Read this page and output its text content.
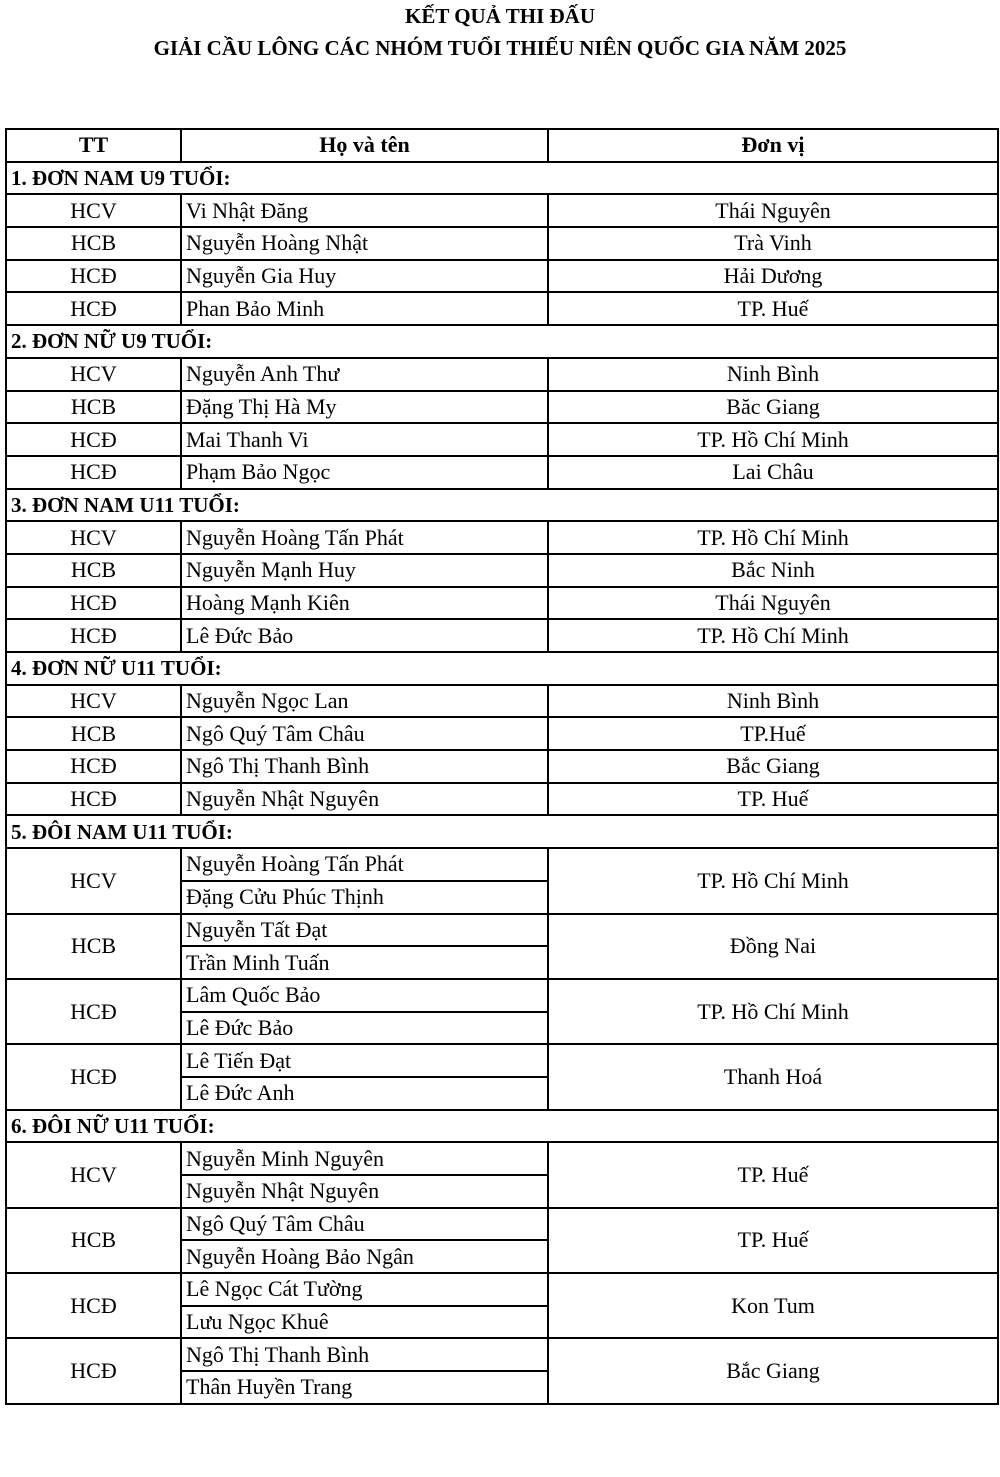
KẾT QUẢ THI ĐẤU
GIẢI CẦU LÔNG CÁC NHÓM TUỔI THIẾU NIÊN QUỐC GIA NĂM 2025
TT	Họ và tên	Đơn vị
1. ĐƠN NAM U9 TUỔI:		
HCV	Vi Nhật Đăng	Thái Nguyên
HCB	Nguyễn Hoàng Nhật	Trà Vinh
HCĐ	Nguyễn Gia Huy	Hải Dương
HCĐ	Phan Bảo Minh	TP. Huế
2. ĐƠN NỮ U9 TUỔI:		
HCV	Nguyễn Anh Thư	Ninh Bình
HCB	Đặng Thị Hà My	Băc Giang
HCĐ	Mai Thanh Vi	TP. Hồ Chí Minh
HCĐ	Phạm Bảo Ngọc	Lai Châu
3. ĐƠN NAM U11 TUỔI:		
HCV	Nguyễn Hoàng Tấn Phát	TP. Hồ Chí Minh
HCB	Nguyễn Mạnh Huy	Bắc Ninh
HCĐ	Hoàng Mạnh Kiên	Thái Nguyên
HCĐ	Lê Đức Bảo	TP. Hồ Chí Minh
4. ĐƠN NỮ U11 TUỔI:		
HCV	Nguyễn Ngọc Lan	Ninh Bình
HCB	Ngô Quý Tâm Châu	TP.Huế
HCĐ	Ngô Thị Thanh Bình	Bắc Giang
HCĐ	Nguyễn Nhật Nguyên	TP. Huế
5. ĐÔI NAM U11 TUỔI:		
HCV	Nguyễn Hoàng Tấn Phát	TP. Hồ Chí Minh
	Đặng Cửu Phúc Thịnh	
HCB	Nguyễn Tất Đạt	Đồng Nai
	Trần Minh Tuấn	
HCĐ	Lâm Quốc Bảo	TP. Hồ Chí Minh
	Lê Đức Bảo	
HCĐ	Lê Tiến Đạt	Thanh Hoá
	Lê Đức Anh	
6. ĐÔI NỮ U11 TUỔI:		
HCV	Nguyễn Minh Nguyên	TP. Huế
	Nguyễn Nhật Nguyên	
HCB	Ngô Quý Tâm Châu	TP. Huế
	Nguyễn Hoàng Bảo Ngân	
HCĐ	Lê Ngọc Cát Tường	Kon Tum
	Lưu Ngọc Khuê	
HCĐ	Ngô Thị Thanh Bình	Bắc Giang
	Thân Huyền Trang	
